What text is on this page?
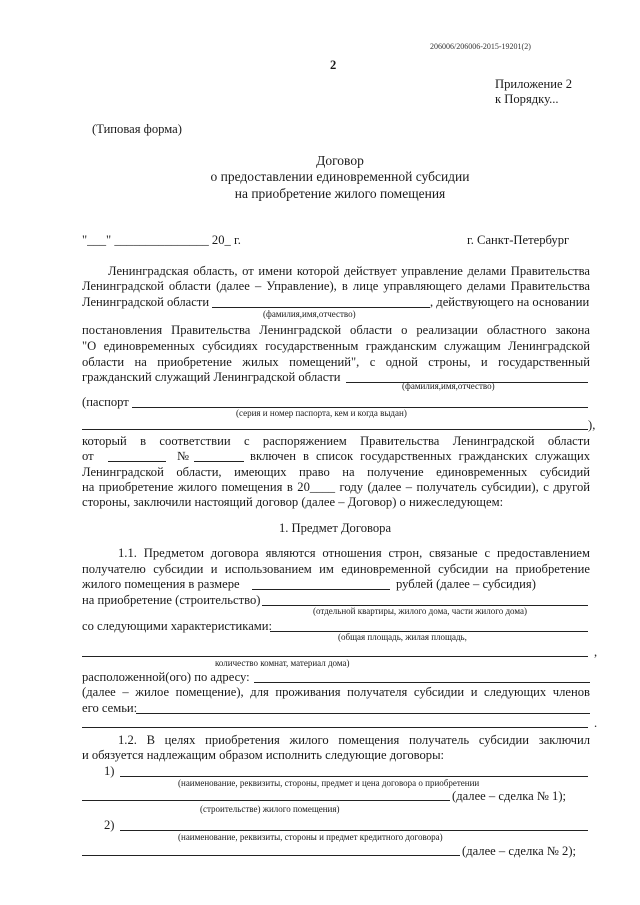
206006/206006-2015-19201(2)
2
Приложение 2
к Порядку...
(Типовая форма)
Договор
о предоставлении единовременной субсидии
на приобретение жилого помещения
"___" _______________ 20_ г.	г. Санкт-Петербург
Ленинградская область, от имени которой действует управление делами Правительства
Ленинградской области (далее – Управление), в лице управляющего делами Правительства
Ленинградской области	, действующего на основании
(фамилия,имя,отчество)
постановления Правительства Ленинградской области о реализации областного закона
"О единовременных субсидиях государственным гражданским служащим Ленинградской
области на приобретение жилых помещений", с одной строны, и государственный
гражданский служащий Ленинградской области
(фамилия,имя,отчество)
(паспорт
(серия и номер паспорта, кем и когда выдан)
),
который в соответствии с распоряжением Правительства Ленинградской области
от	№	включен в список государственных гражданских служащих
Ленинградской области, имеющих право на получение единовременных субсидий
на приобретение жилого помещения в 20____ году (далее – получатель субсидии), с другой
стороны, заключили настоящий договор (далее – Договор) о нижеследующем:
1. Предмет Договора
1.1. Предметом договора являются отношения строн, связаные с предоставлением
получателю субсидии и использованием им единовременной субсидии на приобретение
жилого помещения в размере	рублей (далее – субсидия)
на приобретение (строительство)
(отдельной квартиры, жилого дома, части жилого дома)
со следующими характеристиками:
(общая площадь, жилая площадь,
,
количество комнат, материал дома)
расположенной(ого) по адресу:
(далее – жилое помещение), для проживания получателя субсидии и следующих членов
его семьи:
.
1.2. В целях приобретения жилого помещения получатель субсидии заключил
и обязуется надлежащим образом исполнить следующие договоры:
1)
(наименование, реквизиты, стороны, предмет и цена договора о приобретении
(далее – сделка № 1);
(строительстве) жилого помещения)
2)
(наименование, реквизиты, стороны и предмет кредитного договора)
(далее – сделка № 2);
